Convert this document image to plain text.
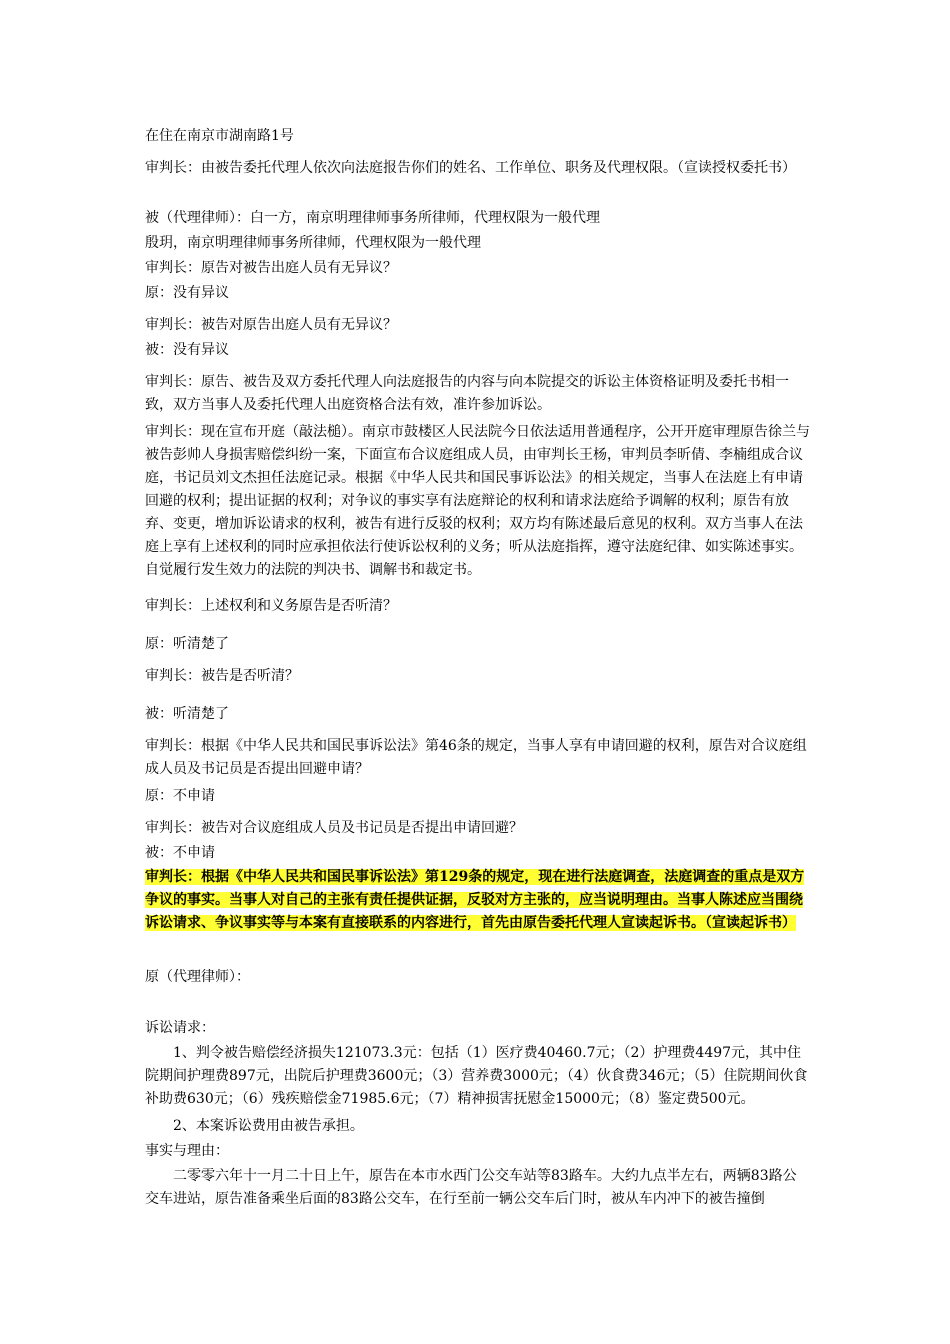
在住在南京市湖南路1号

审判长：由被告委托代理人依次向法庭报告你们的姓名、工作单位、职务及代理权限。（宣读授权委托书）

被（代理律师）：白一方，南京明理律师事务所律师，代理权限为一般代理

殷玥，南京明理律师事务所律师，代理权限为一般代理

审判长：原告对被告出庭人员有无异议？

原：没有异议

审判长：被告对原告出庭人员有无异议？

被：没有异议

审判长：原告、被告及双方委托代理人向法庭报告的内容与向本院提交的诉讼主体资格证明及委托书相一致，双方当事人及委托代理人出庭资格合法有效，准许参加诉讼。

审判长：现在宣布开庭（敲法槌）。南京市鼓楼区人民法院今日依法适用普通程序，公开开庭审理原告徐兰与被告彭帅人身损害赔偿纠纷一案，下面宣布合议庭组成人员，由审判长王杨，审判员李昕倩、李楠组成合议庭，书记员刘文杰担任法庭记录。根据《中华人民共和国民事诉讼法》的相关规定，当事人在法庭上有申请回避的权利；提出证据的权利；对争议的事实享有法庭辩论的权利和请求法庭给予调解的权利；原告有放弃、变更，增加诉讼请求的权利，被告有进行反驳的权利；双方均有陈述最后意见的权利。双方当事人在法庭上享有上述权利的同时应承担依法行使诉讼权利的义务；听从法庭指挥，遵守法庭纪律、如实陈述事实。自觉履行发生效力的法院的判决书、调解书和裁定书。

审判长：上述权利和义务原告是否听清？

原：听清楚了

审判长：被告是否听清？

被：听清楚了

审判长：根据《中华人民共和国民事诉讼法》第46条的规定，当事人享有申请回避的权利，原告对合议庭组成人员及书记员是否提出回避申请？

原：不申请

审判长：被告对合议庭组成人员及书记员是否提出申请回避？

被：不申请

审判长：根据《中华人民共和国民事诉讼法》第129条的规定，现在进行法庭调查，法庭调查的重点是双方争议的事实。当事人对自己的主张有责任提供证据，反驳对方主张的，应当说明理由。当事人陈述应当围绕诉讼请求、争议事实等与本案有直接联系的内容进行，首先由原告委托代理人宣读起诉书。（宣读起诉书）

原（代理律师）：

诉讼请求：

1、判令被告赔偿经济损失121073.3元：包括（1）医疗费40460.7元；（2）护理费4497元，其中住院期间护理费897元，出院后护理费3600元；（3）营养费3000元；（4）伙食费346元；（5）住院期间伙食补助费630元；（6）残疾赔偿金71985.6元；（7）精神损害抚慰金15000元；（8）鉴定费500元。

2、本案诉讼费用由被告承担。

事实与理由：

二零零六年十一月二十日上午，原告在本市水西门公交车站等83路车。大约九点半左右，两辆83路公交车进站，原告准备乘坐后面的83路公交车，在行至前一辆公交车后门时，被从车内冲下的被告撞倒
